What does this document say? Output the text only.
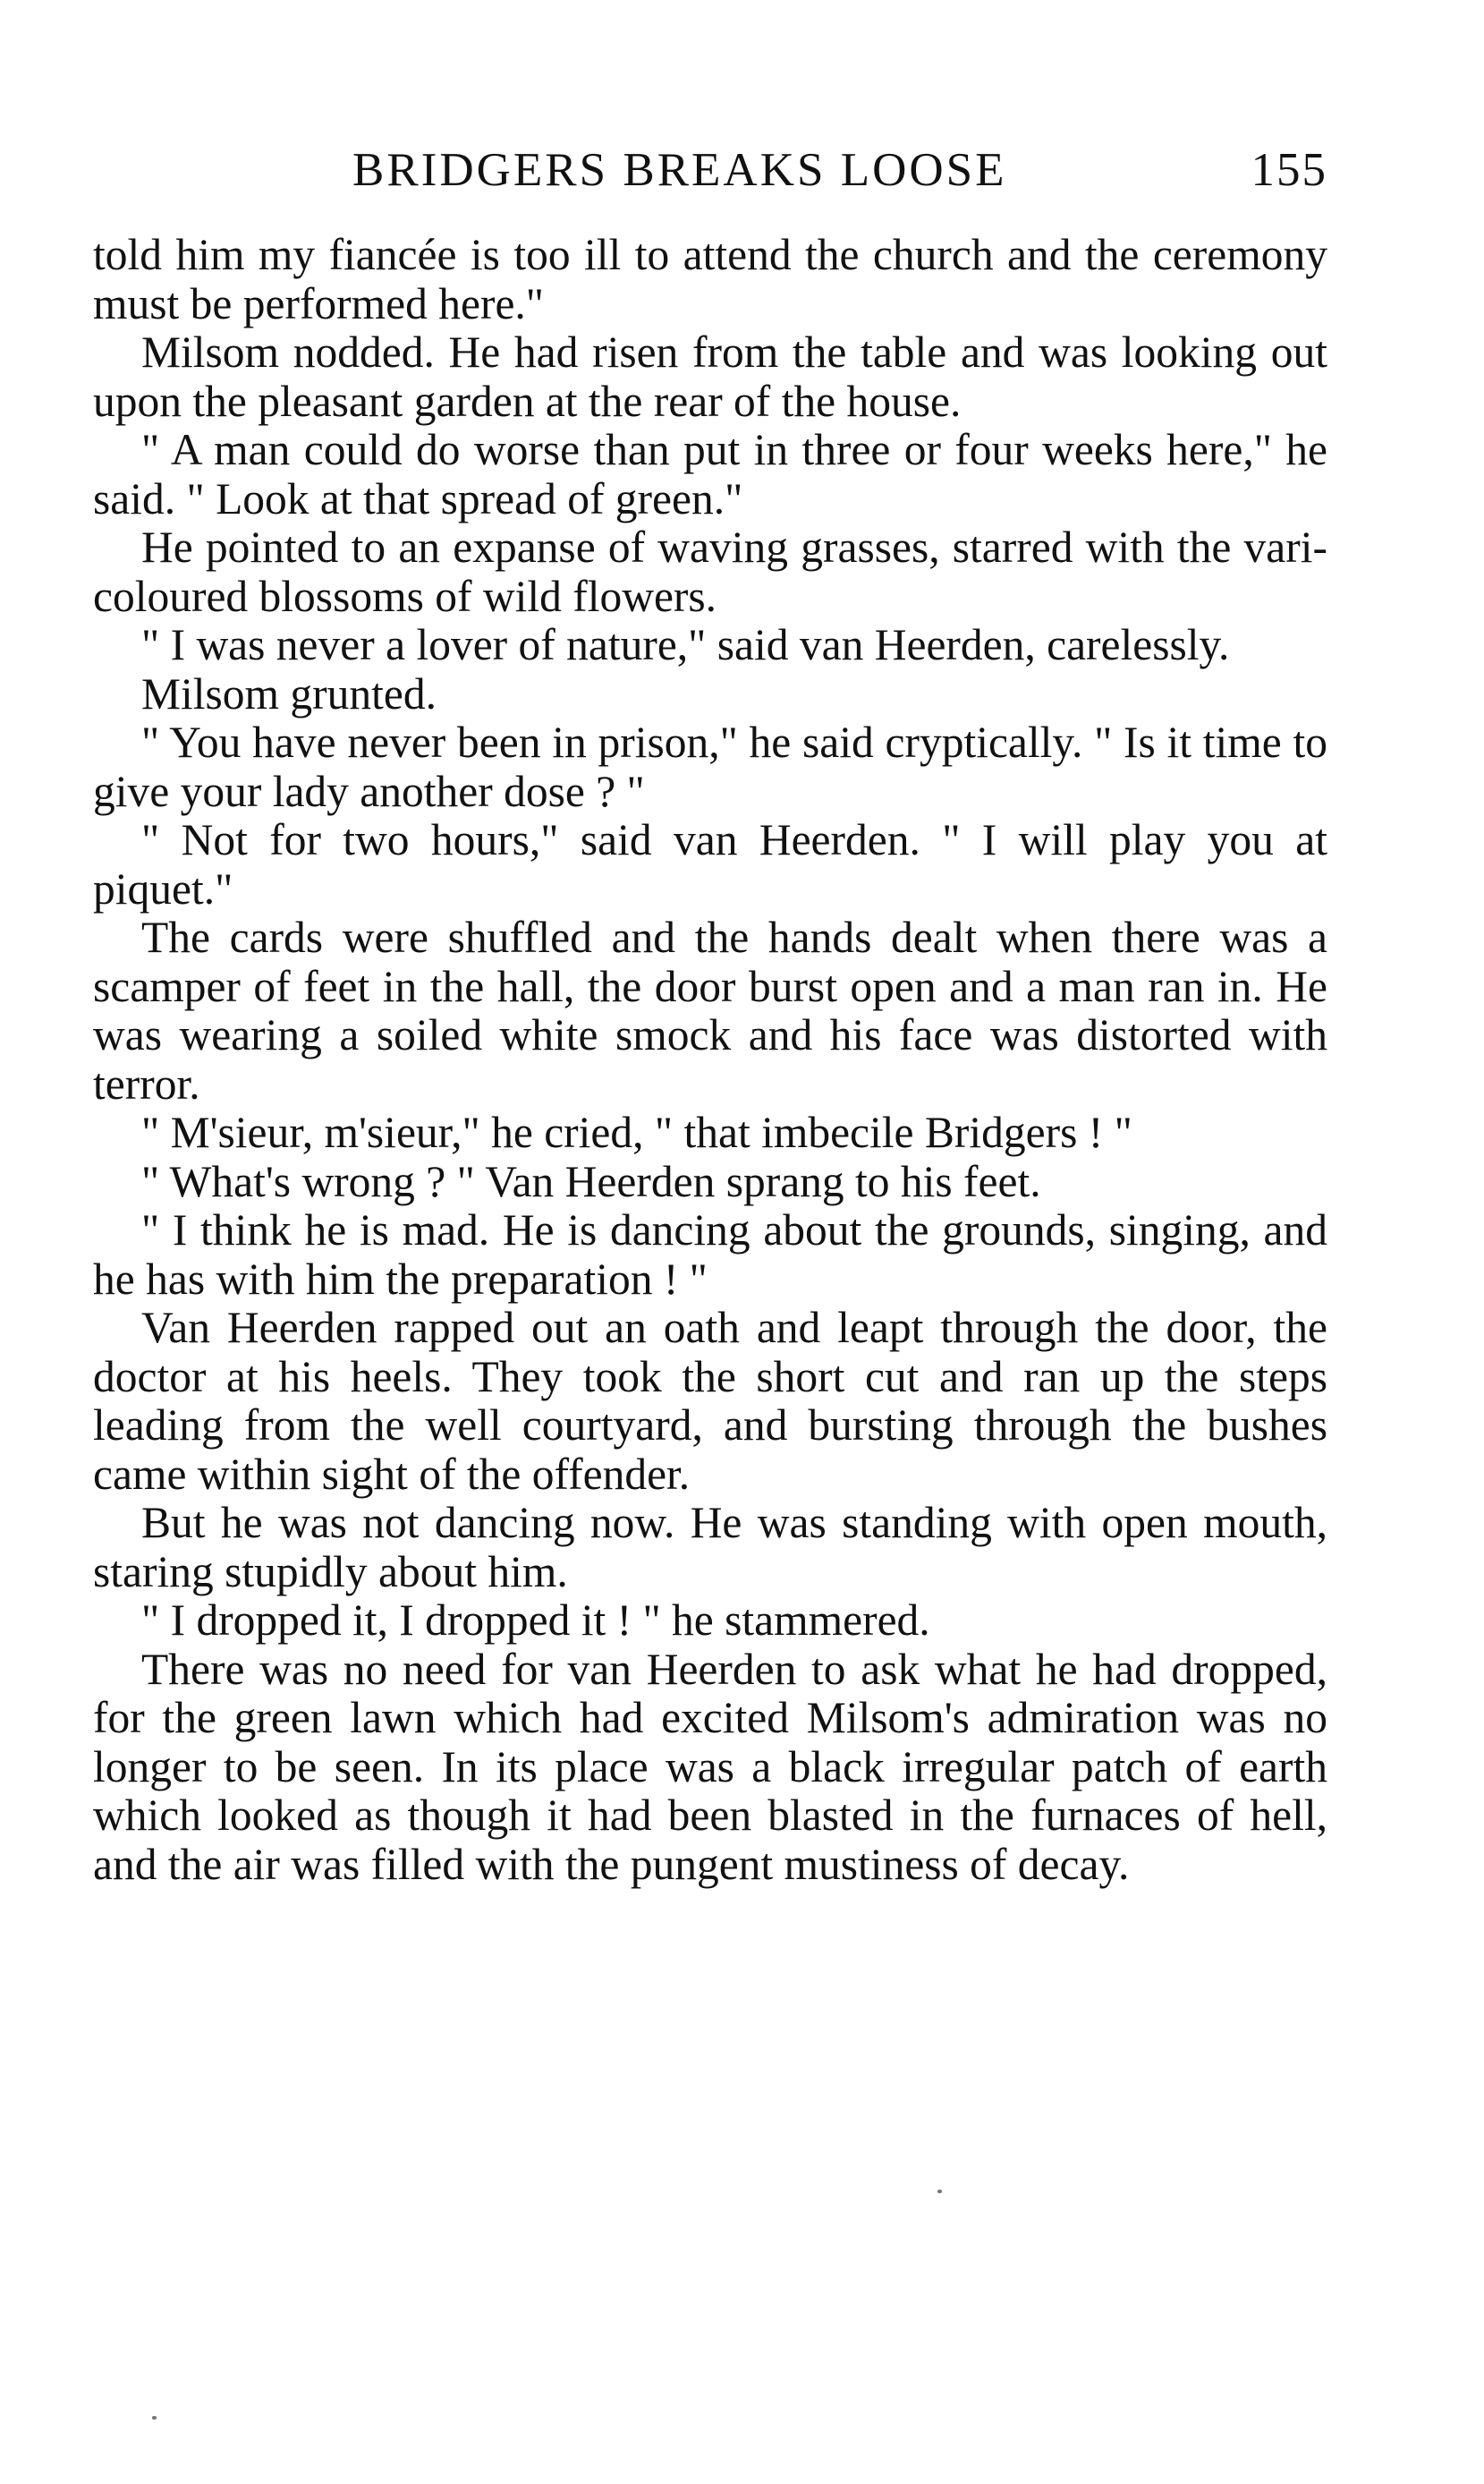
BRIDGERS BREAKS LOOSE	155

told him my fiancée is too ill to attend the church and the ceremony must be performed here."

Milsom nodded. He had risen from the table and was looking out upon the pleasant garden at the rear of the house.

" A man could do worse than put in three or four weeks here," he said. " Look at that spread of green."

He pointed to an expanse of waving grasses, starred with the vari-coloured blossoms of wild flowers.

" I was never a lover of nature," said van Heerden, carelessly.

Milsom grunted.

" You have never been in prison," he said cryptically. " Is it time to give your lady another dose ? "

" Not for two hours," said van Heerden. " I will play you at piquet."

The cards were shuffled and the hands dealt when there was a scamper of feet in the hall, the door burst open and a man ran in. He was wearing a soiled white smock and his face was distorted with terror.

" M'sieur, m'sieur," he cried, " that imbecile Bridgers ! "

" What's wrong ? " Van Heerden sprang to his feet.

" I think he is mad. He is dancing about the grounds, singing, and he has with him the preparation ! "

Van Heerden rapped out an oath and leapt through the door, the doctor at his heels. They took the short cut and ran up the steps leading from the well courtyard, and bursting through the bushes came within sight of the offender.

But he was not dancing now. He was standing with open mouth, staring stupidly about him.

" I dropped it, I dropped it ! " he stammered.

There was no need for van Heerden to ask what he had dropped, for the green lawn which had excited Milsom's admiration was no longer to be seen. In its place was a black irregular patch of earth which looked as though it had been blasted in the furnaces of hell, and the air was filled with the pungent mustiness of decay.
